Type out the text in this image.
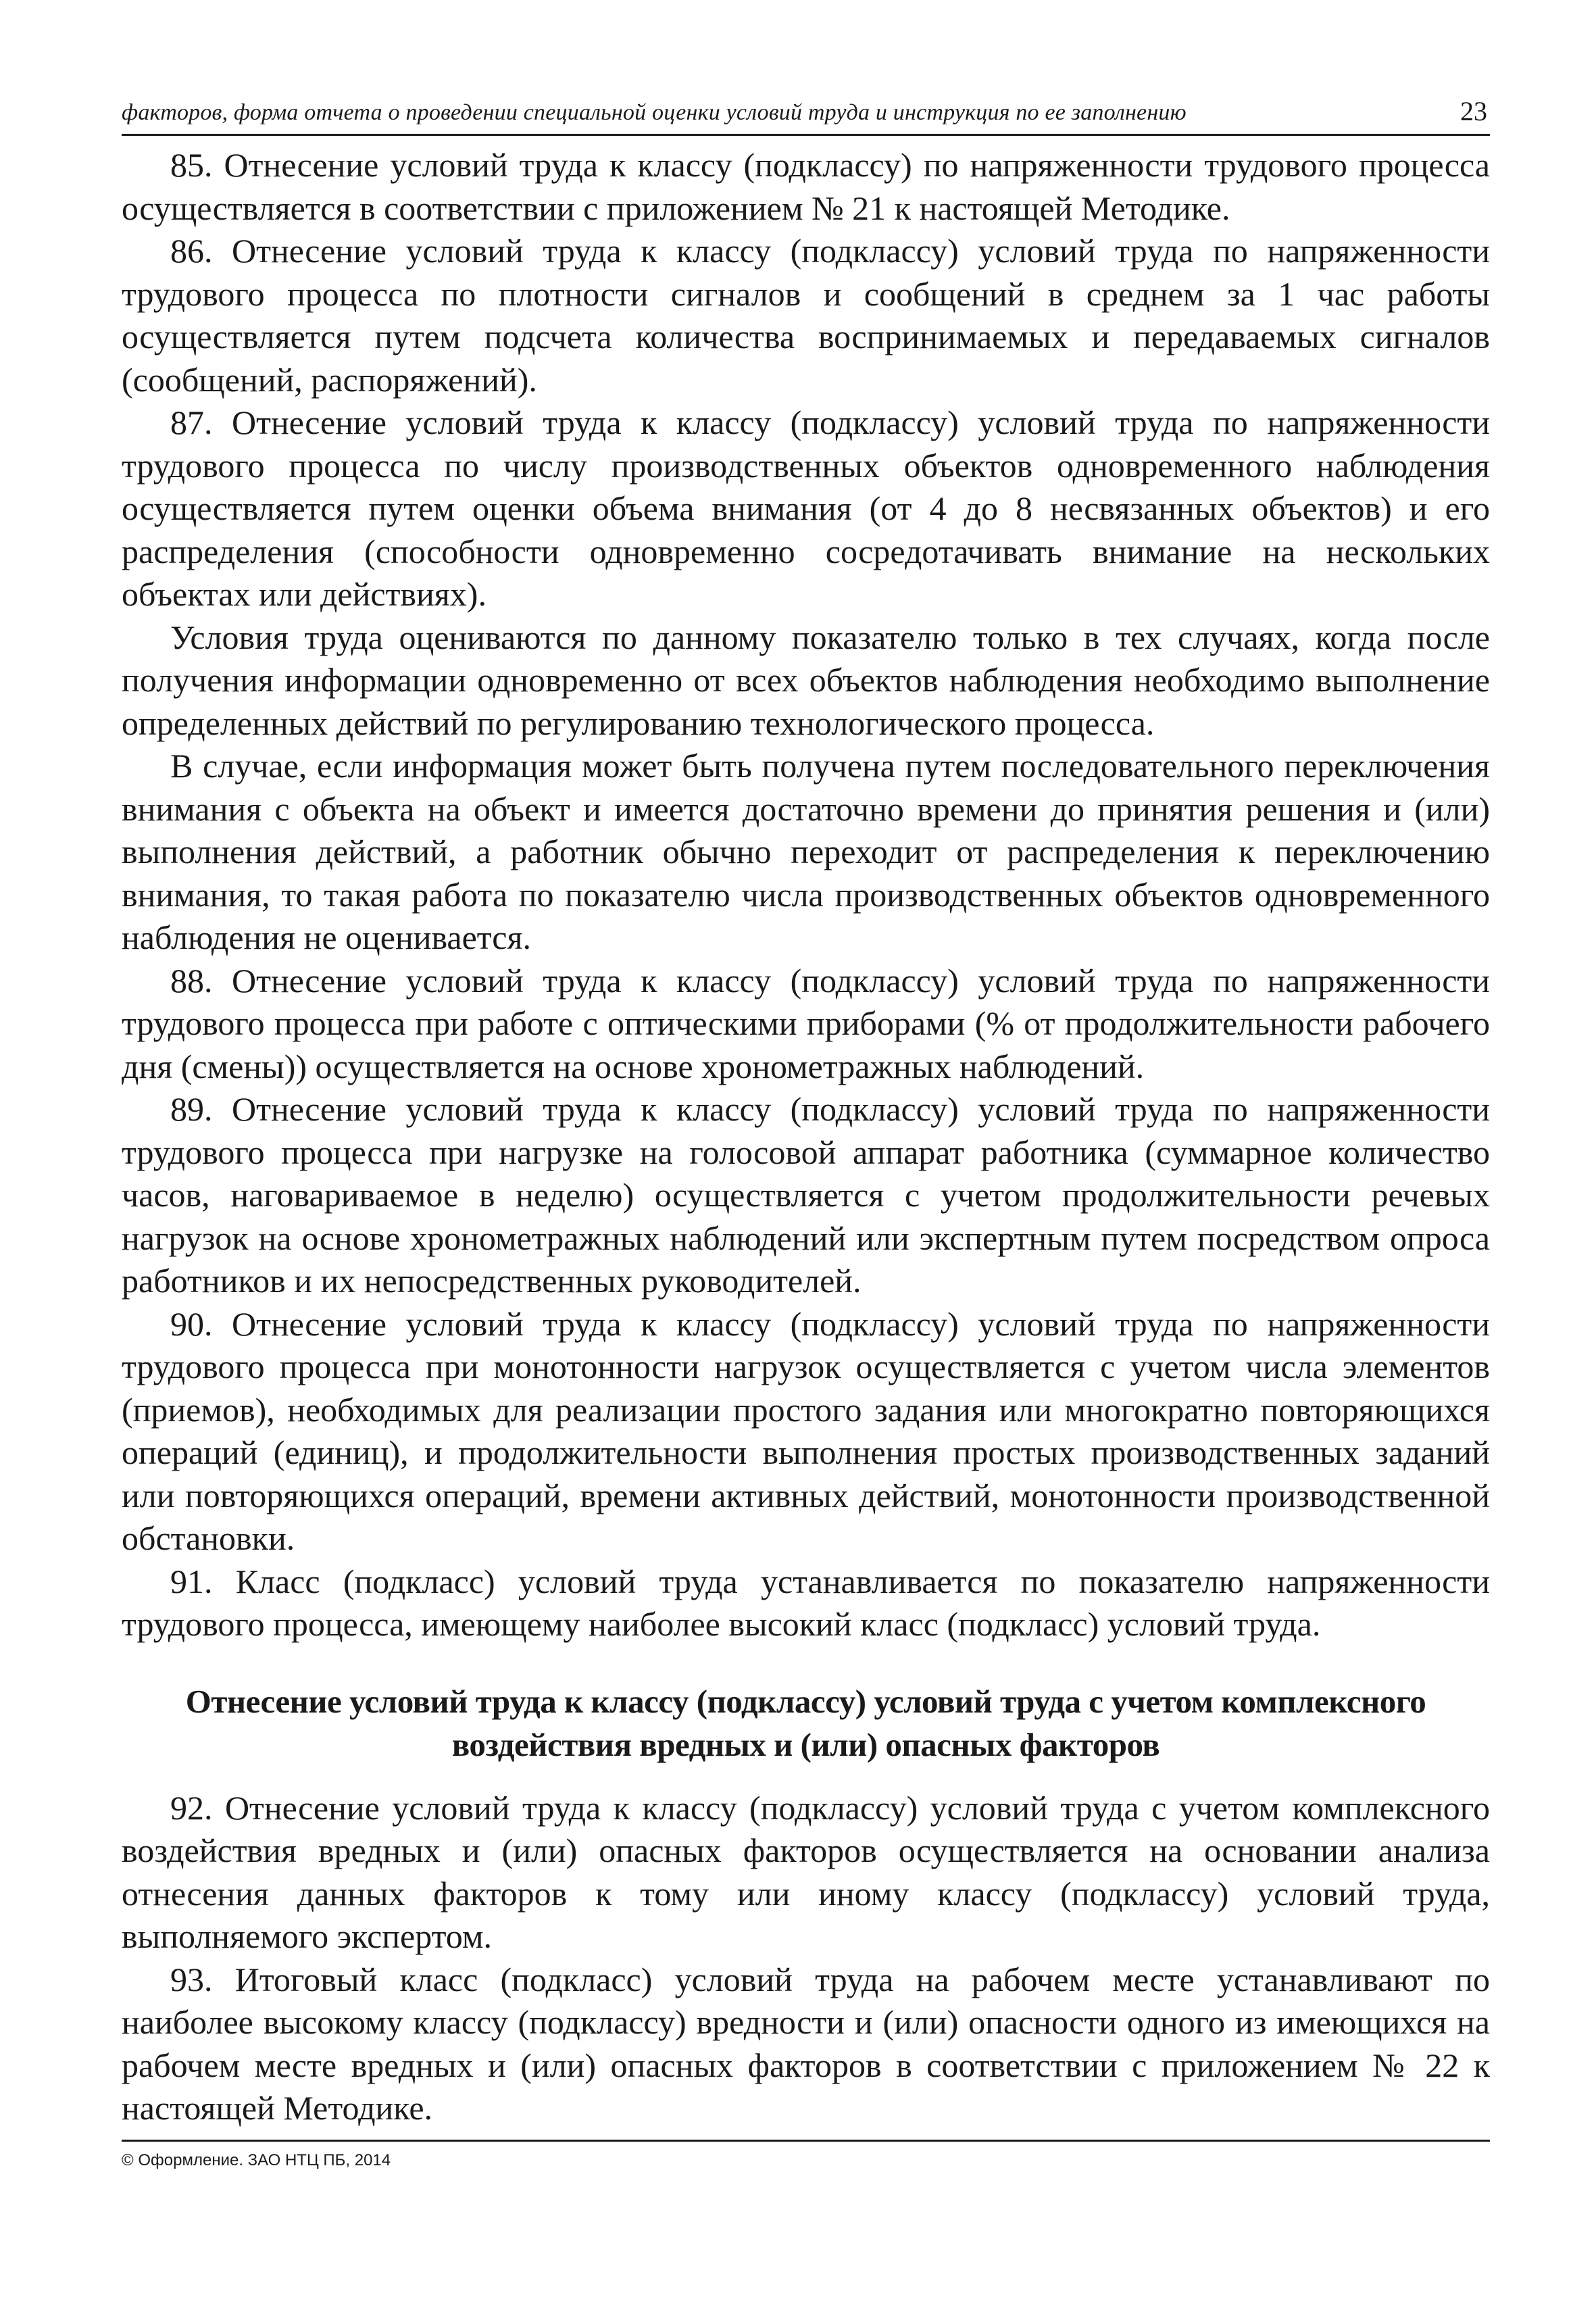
факторов, форма отчета о проведении специальной оценки условий труда и инструкция по ее заполнению	23

85. Отнесение условий труда к классу (подклассу) по напряженности трудового процесса осуществляется в соответствии с приложением № 21 к настоящей Методике.

86. Отнесение условий труда к классу (подклассу) условий труда по напряженности трудового процесса по плотности сигналов и сообщений в среднем за 1 час работы осуществляется путем подсчета количества воспринимаемых и передаваемых сигналов (сообщений, распоряжений).

87. Отнесение условий труда к классу (подклассу) условий труда по напряженности трудового процесса по числу производственных объектов одновременного наблюдения осуществляется путем оценки объема внимания (от 4 до 8 несвязанных объектов) и его распределения (способности одновременно сосредотачивать внимание на нескольких объектах или действиях).

Условия труда оцениваются по данному показателю только в тех случаях, когда после получения информации одновременно от всех объектов наблюдения необходимо выполнение определенных действий по регулированию технологического процесса.

В случае, если информация может быть получена путем последовательного переключения внимания с объекта на объект и имеется достаточно времени до принятия решения и (или) выполнения действий, а работник обычно переходит от распределения к переключению внимания, то такая работа по показателю числа производственных объектов одновременного наблюдения не оценивается.

88. Отнесение условий труда к классу (подклассу) условий труда по напряженности трудового процесса при работе с оптическими приборами (% от продолжительности рабочего дня (смены)) осуществляется на основе хронометражных наблюдений.

89. Отнесение условий труда к классу (подклассу) условий труда по напряженности трудового процесса при нагрузке на голосовой аппарат работника (суммарное количество часов, наговариваемое в неделю) осуществляется с учетом продолжительности речевых нагрузок на основе хронометражных наблюдений или экспертным путем посредством опроса работников и их непосредственных руководителей.

90. Отнесение условий труда к классу (подклассу) условий труда по напряженности трудового процесса при монотонности нагрузок осуществляется с учетом числа элементов (приемов), необходимых для реализации простого задания или многократно повторяющихся операций (единиц), и продолжительности выполнения простых производственных заданий или повторяющихся операций, времени активных действий, монотонности производственной обстановки.

91. Класс (подкласс) условий труда устанавливается по показателю напряженности трудового процесса, имеющему наиболее высокий класс (подкласс) условий труда.

Отнесение условий труда к классу (подклассу) условий труда с учетом комплексного воздействия вредных и (или) опасных факторов

92. Отнесение условий труда к классу (подклассу) условий труда с учетом комплексного воздействия вредных и (или) опасных факторов осуществляется на основании анализа отнесения данных факторов к тому или иному классу (подклассу) условий труда, выполняемого экспертом.

93. Итоговый класс (подкласс) условий труда на рабочем месте устанавливают по наиболее высокому классу (подклассу) вредности и (или) опасности одного из имеющихся на рабочем месте вредных и (или) опасных факторов в соответствии с приложением № 22 к настоящей Методике.

© Оформление. ЗАО НТЦ ПБ, 2014
